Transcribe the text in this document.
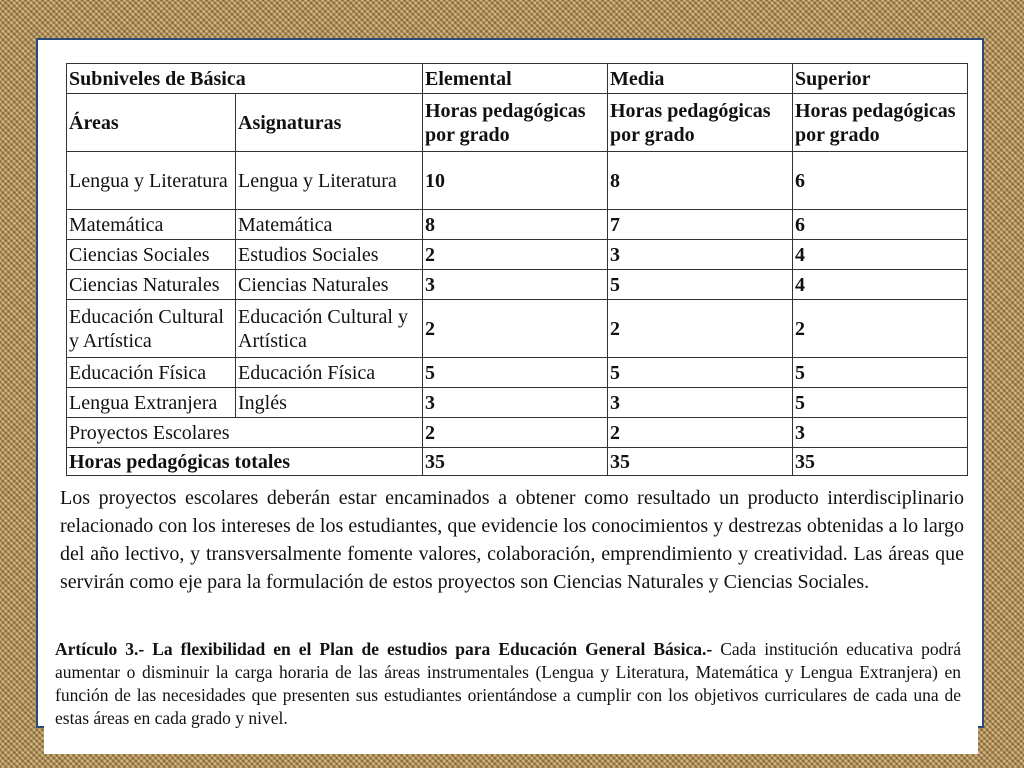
Subniveles de Básica		Elemental	Media	Superior
Áreas	Asignaturas	Horas pedagógicas por grado	Horas pedagógicas por grado	Horas pedagógicas por grado
Lengua y Literatura	Lengua y Literatura	10	8	6
Matemática	Matemática	8	7	6
Ciencias Sociales	Estudios Sociales	2	3	4
Ciencias Naturales	Ciencias Naturales	3	5	4
Educación Cultural y Artística	Educación Cultural y Artística	2	2	2
Educación Física	Educación Física	5	5	5
Lengua Extranjera	Inglés	3	3	5
Proyectos Escolares		2	2	3
Horas pedagógicas totales		35	35	35

Los proyectos escolares deberán estar encaminados a obtener como resultado un producto interdisciplinario relacionado con los intereses de los estudiantes, que evidencie los conocimientos y destrezas obtenidas a lo largo del año lectivo, y transversalmente fomente valores, colaboración, emprendimiento y creatividad. Las áreas que servirán como eje para la formulación de estos proyectos son Ciencias Naturales y Ciencias Sociales.

Artículo 3.- La flexibilidad en el Plan de estudios para Educación General Básica.- Cada institución educativa podrá aumentar o disminuir la carga horaria de las áreas instrumentales (Lengua y Literatura, Matemática y Lengua Extranjera) en función de las necesidades que presenten sus estudiantes orientándose a cumplir con los objetivos curriculares de cada una de estas áreas en cada grado y nivel.
